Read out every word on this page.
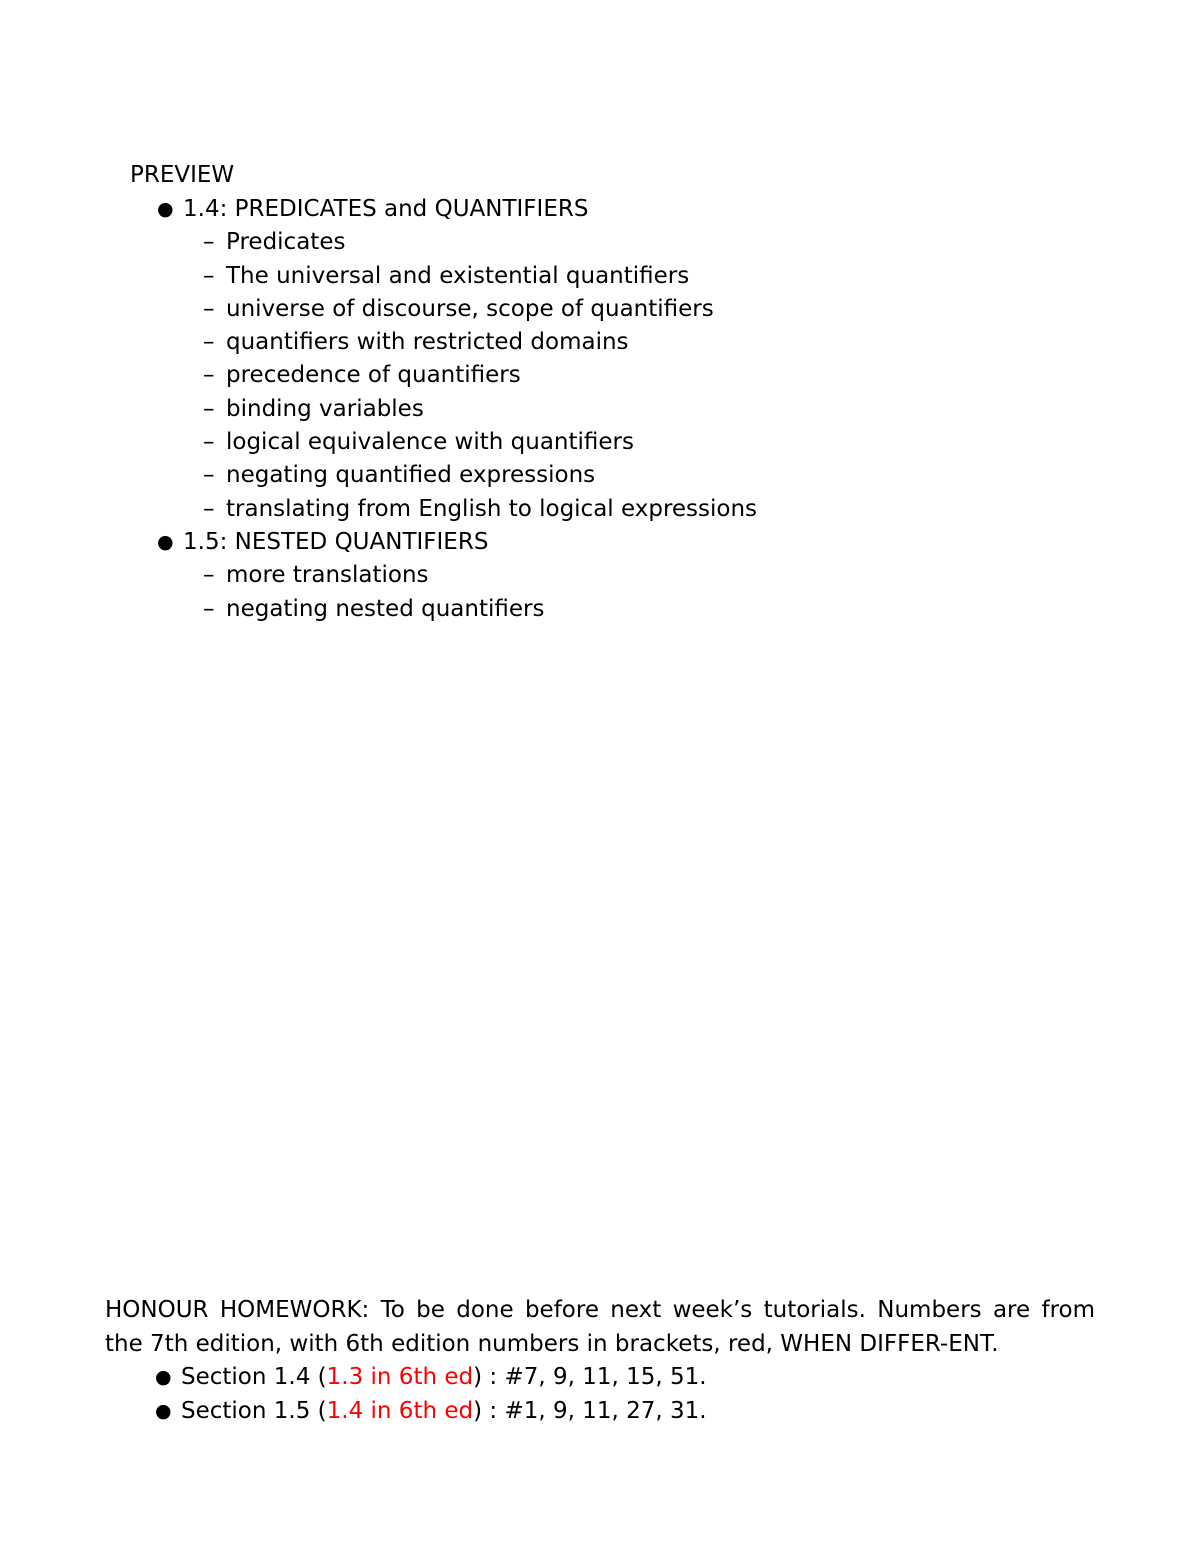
PREVIEW
● 1.4: PREDICATES and QUANTIFIERS
– Predicates
– The universal and existential quantifiers
– universe of discourse, scope of quantifiers
– quantifiers with restricted domains
– precedence of quantifiers
– binding variables
– logical equivalence with quantifiers
– negating quantified expressions
– translating from English to logical expressions
● 1.5: NESTED QUANTIFIERS
– more translations
– negating nested quantifiers
HONOUR HOMEWORK: To be done before next week’s tutorials. Numbers are from the 7th edition, with 6th edition numbers in brackets, red, WHEN DIFFER-ENT.
● Section 1.4 (1.3 in 6th ed) : #7, 9, 11, 15, 51.
● Section 1.5 (1.4 in 6th ed) : #1, 9, 11, 27, 31.
